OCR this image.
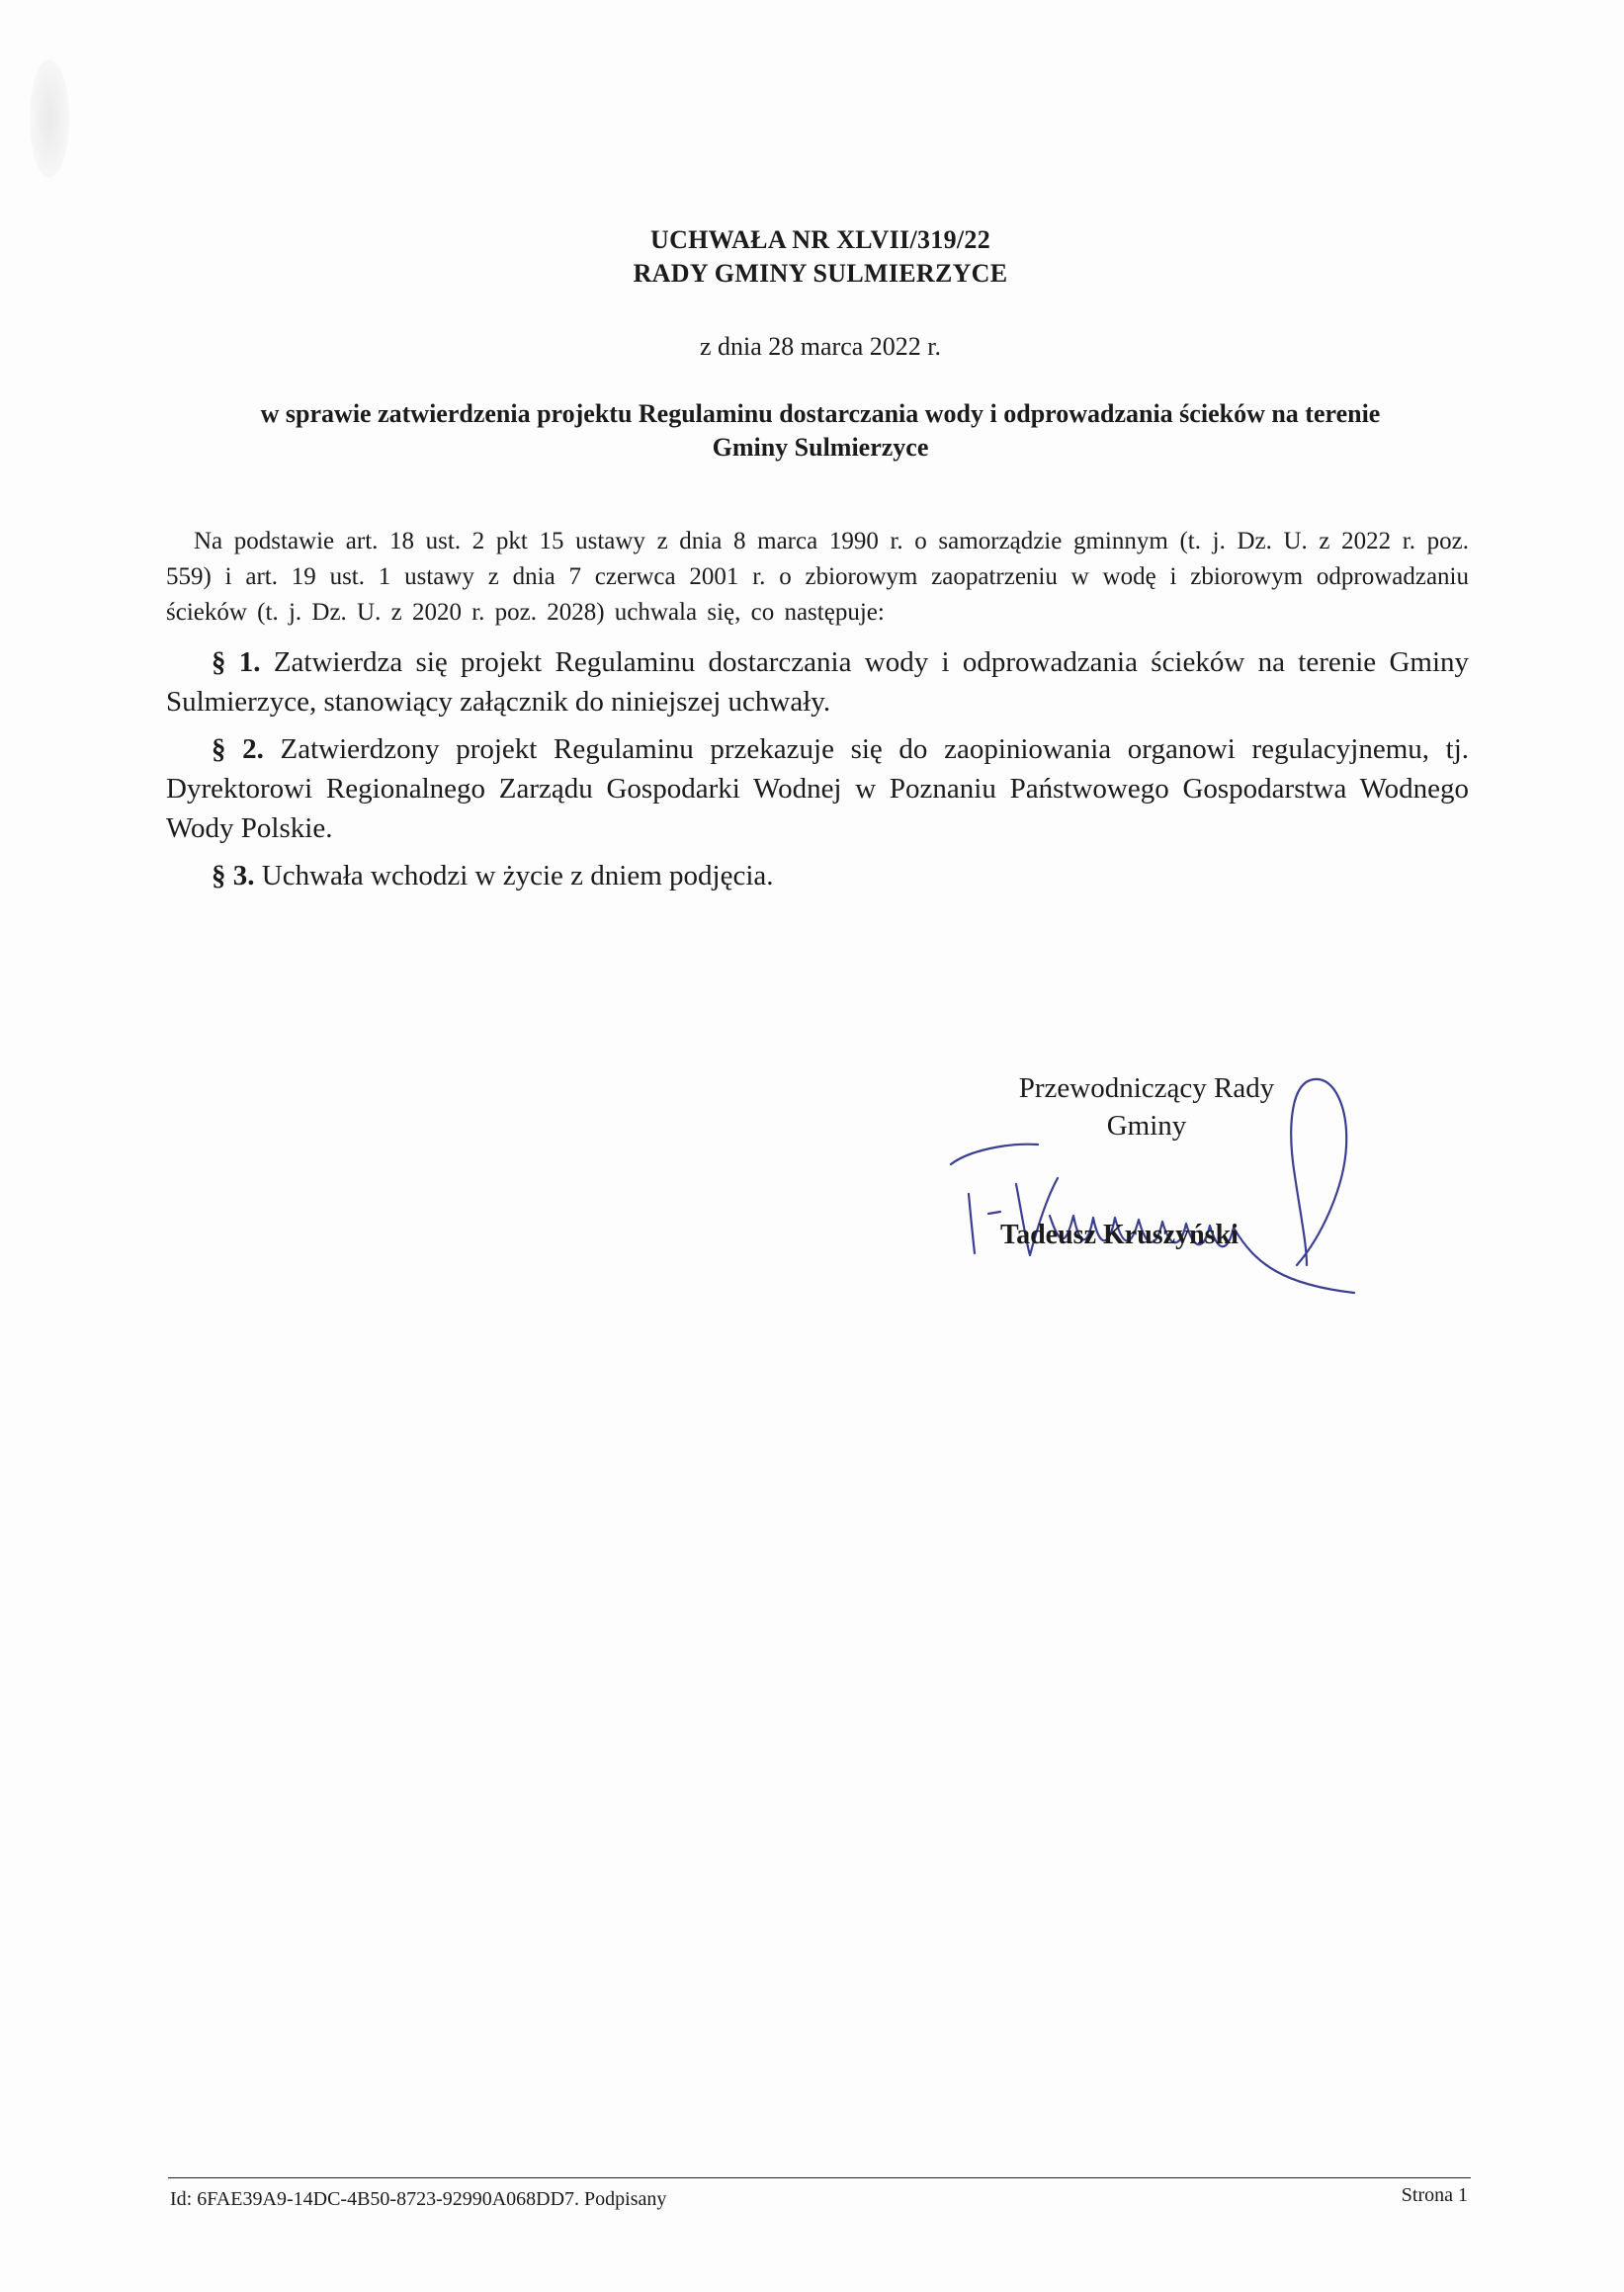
UCHWAŁA NR XLVII/319/22
RADY GMINY SULMIERZYCE
z dnia 28 marca 2022 r.
w sprawie zatwierdzenia projektu Regulaminu dostarczania wody i odprowadzania ścieków na terenie
Gminy Sulmierzyce
Na podstawie art. 18 ust. 2 pkt 15 ustawy z dnia 8 marca 1990 r. o samorządzie gminnym (t. j. Dz. U. z 2022 r. poz. 559) i art. 19 ust. 1 ustawy z dnia 7 czerwca 2001 r. o zbiorowym zaopatrzeniu w wodę i zbiorowym odprowadzaniu ścieków (t. j. Dz. U. z 2020 r. poz. 2028) uchwala się, co następuje:
§ 1. Zatwierdza się projekt Regulaminu dostarczania wody i odprowadzania ścieków na terenie Gminy Sulmierzyce, stanowiący załącznik do niniejszej uchwały.
§ 2. Zatwierdzony projekt Regulaminu przekazuje się do zaopiniowania organowi regulacyjnemu, tj. Dyrektorowi Regionalnego Zarządu Gospodarki Wodnej w Poznaniu Państwowego Gospodarstwa Wodnego Wody Polskie.
§ 3. Uchwała wchodzi w życie z dniem podjęcia.
Przewodniczący Rady
Gminy
Tadeusz Kruszyński
Id: 6FAE39A9-14DC-4B50-8723-92990A068DD7. Podpisany	Strona 1
